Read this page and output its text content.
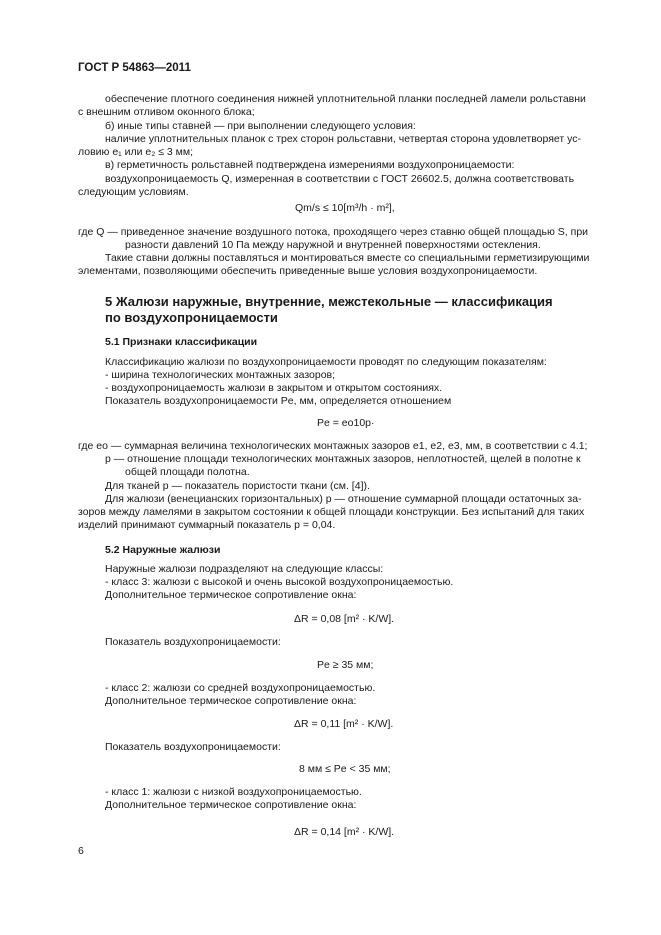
ГОСТ Р 54863—2011
обеспечение плотного соединения нижней уплотнительной планки последней ламели рольставни
с внешним отливом оконного блока;
б) иные типы ставней — при выполнении следующего условия:
наличие уплотнительных планок с трех сторон рольставни, четвертая сторона удовлетворяет ус-
ловию e₁ или e₂ ≤ 3 мм;
в) герметичность рольставней подтверждена измерениями воздухопроницаемости:
воздухопроницаемость Q, измеренная в соответствии с ГОСТ 26602.5, должна соответствовать
следующим условиям.
Qm/s ≤ 10[m³/h · m²],
где Q — приведенное значение воздушного потока, проходящего через ставню общей площадью S, при
разности давлений 10 Па между наружной и внутренней поверхностями остекления.
Такие ставни должны поставляться и монтироваться вместе со специальными герметизирующими
элементами, позволяющими обеспечить приведенные выше условия воздухопроницаемости.
5 Жалюзи наружные, внутренние, межстекольные — классификация
по воздухопроницаемости
5.1 Признаки классификации
Классификацию жалюзи по воздухопроницаемости проводят по следующим показателям:
- ширина технологических монтажных зазоров;
- воздухопроницаемость жалюзи в закрытом и открытом состояниях.
Показатель воздухопроницаемости Pe, мм, определяется отношением
Pe = eo10p·
где eo — суммарная величина технологических монтажных зазоров e1, e2, e3, мм, в соответствии с 4.1;
p — отношение площади технологических монтажных зазоров, неплотностей, щелей в полотне к
общей площади полотна.
Для тканей p — показатель пористости ткани (см. [4]).
Для жалюзи (венецианских горизонтальных) p — отношение суммарной площади остаточных за-
зоров между ламелями в закрытом состоянии к общей площади конструкции. Без испытаний для таких
изделий принимают суммарный показатель p = 0,04.
5.2 Наружные жалюзи
Наружные жалюзи подразделяют на следующие классы:
- класс 3: жалюзи с высокой и очень высокой воздухопроницаемостью.
Дополнительное термическое сопротивление окна:
ΔR = 0,08 [m² · K/W].
Показатель воздухопроницаемости:
Pe ≥ 35 мм;
- класс 2: жалюзи со средней воздухопроницаемостью.
Дополнительное термическое сопротивление окна:
ΔR = 0,11 [m² · K/W].
Показатель воздухопроницаемости:
8 мм ≤ Pe < 35 мм;
- класс 1: жалюзи с низкой воздухопроницаемостью.
Дополнительное термическое сопротивление окна:
ΔR = 0,14 [m² · K/W].
6
